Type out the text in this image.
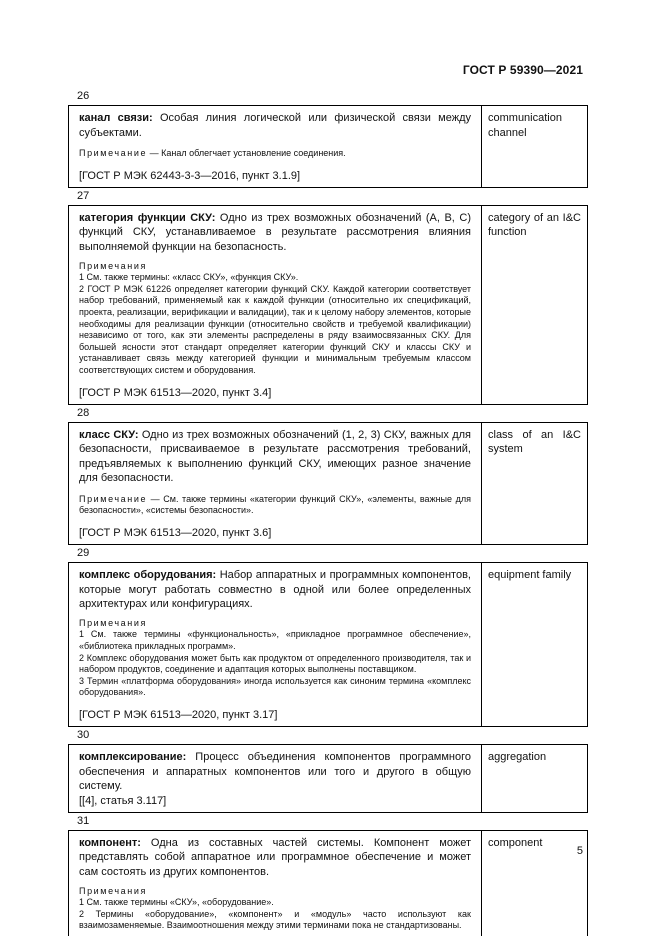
ГОСТ Р 59390—2021
26

канал связи: Особая линия логической или физической связи между субъектами.

Примечание — Канал облегчает установление соединения.
[ГОСТ Р МЭК 62443-3-3—2016, пункт 3.1.9]
communication channel
27

категория функции СКУ: Одно из трех возможных обозначений (А, В, С) функций СКУ, устанавливаемое в результате рассмотрения влияния выполняемой функции на безопасность.

Примечания
1 См. также термины: «класс СКУ», «функция СКУ».
2 ГОСТ Р МЭК 61226 определяет категории функций СКУ. Каждой категории соответствует набор требований, применяемый как к каждой функции (относительно их спецификаций, проекта, реализации, верификации и валидации), так и к целому набору элементов, которые необходимы для реализации функции (относительно свойств и требуемой квалификации) независимо от того, как эти элементы распределены в ряду взаимосвязанных СКУ. Для большей ясности этот стандарт определяет категории функций СКУ и классы СКУ и устанавливает связь между категорией функции и минимальным требуемым классом соответствующих систем и оборудования.
[ГОСТ Р МЭК 61513—2020, пункт 3.4]
category of an I&C function
28

класс СКУ: Одно из трех возможных обозначений (1, 2, 3) СКУ, важных для безопасности, присваиваемое в результате рассмотрения требований, предъявляемых к выполнению функций СКУ, имеющих разное значение для безопасности.

Примечание — См. также термины «категории функций СКУ», «элементы, важные для безопасности», «системы безопасности».
[ГОСТ Р МЭК 61513—2020, пункт 3.6]
class of an I&C system
29

комплекс оборудования: Набор аппаратных и программных компонентов, которые могут работать совместно в одной или более определенных архитектурах или конфигурациях.

Примечания
1 См. также термины «функциональность», «прикладное программное обеспечение», «библиотека прикладных программ».
2 Комплекс оборудования может быть как продуктом от определенного производителя, так и набором продуктов, соединение и адаптация которых выполнены поставщиком.
3 Термин «платформа оборудования» иногда используется как синоним термина «комплекс оборудования».
[ГОСТ Р МЭК 61513—2020, пункт 3.17]
equipment family
30

комплексирование: Процесс объединения компонентов программного обеспечения и аппаратных компонентов или того и другого в общую систему.

[[4], статья 3.117]
aggregation
31

компонент: Одна из составных частей системы. Компонент может представлять собой аппаратное или программное обеспечение и может сам состоять из других компонентов.

Примечания
1 См. также термины «СКУ», «оборудование».
2 Термины «оборудование», «компонент» и «модуль» часто используют как взаимозаменяемые. Взаимоотношения между этими терминами пока не стандартизованы.
component
5
